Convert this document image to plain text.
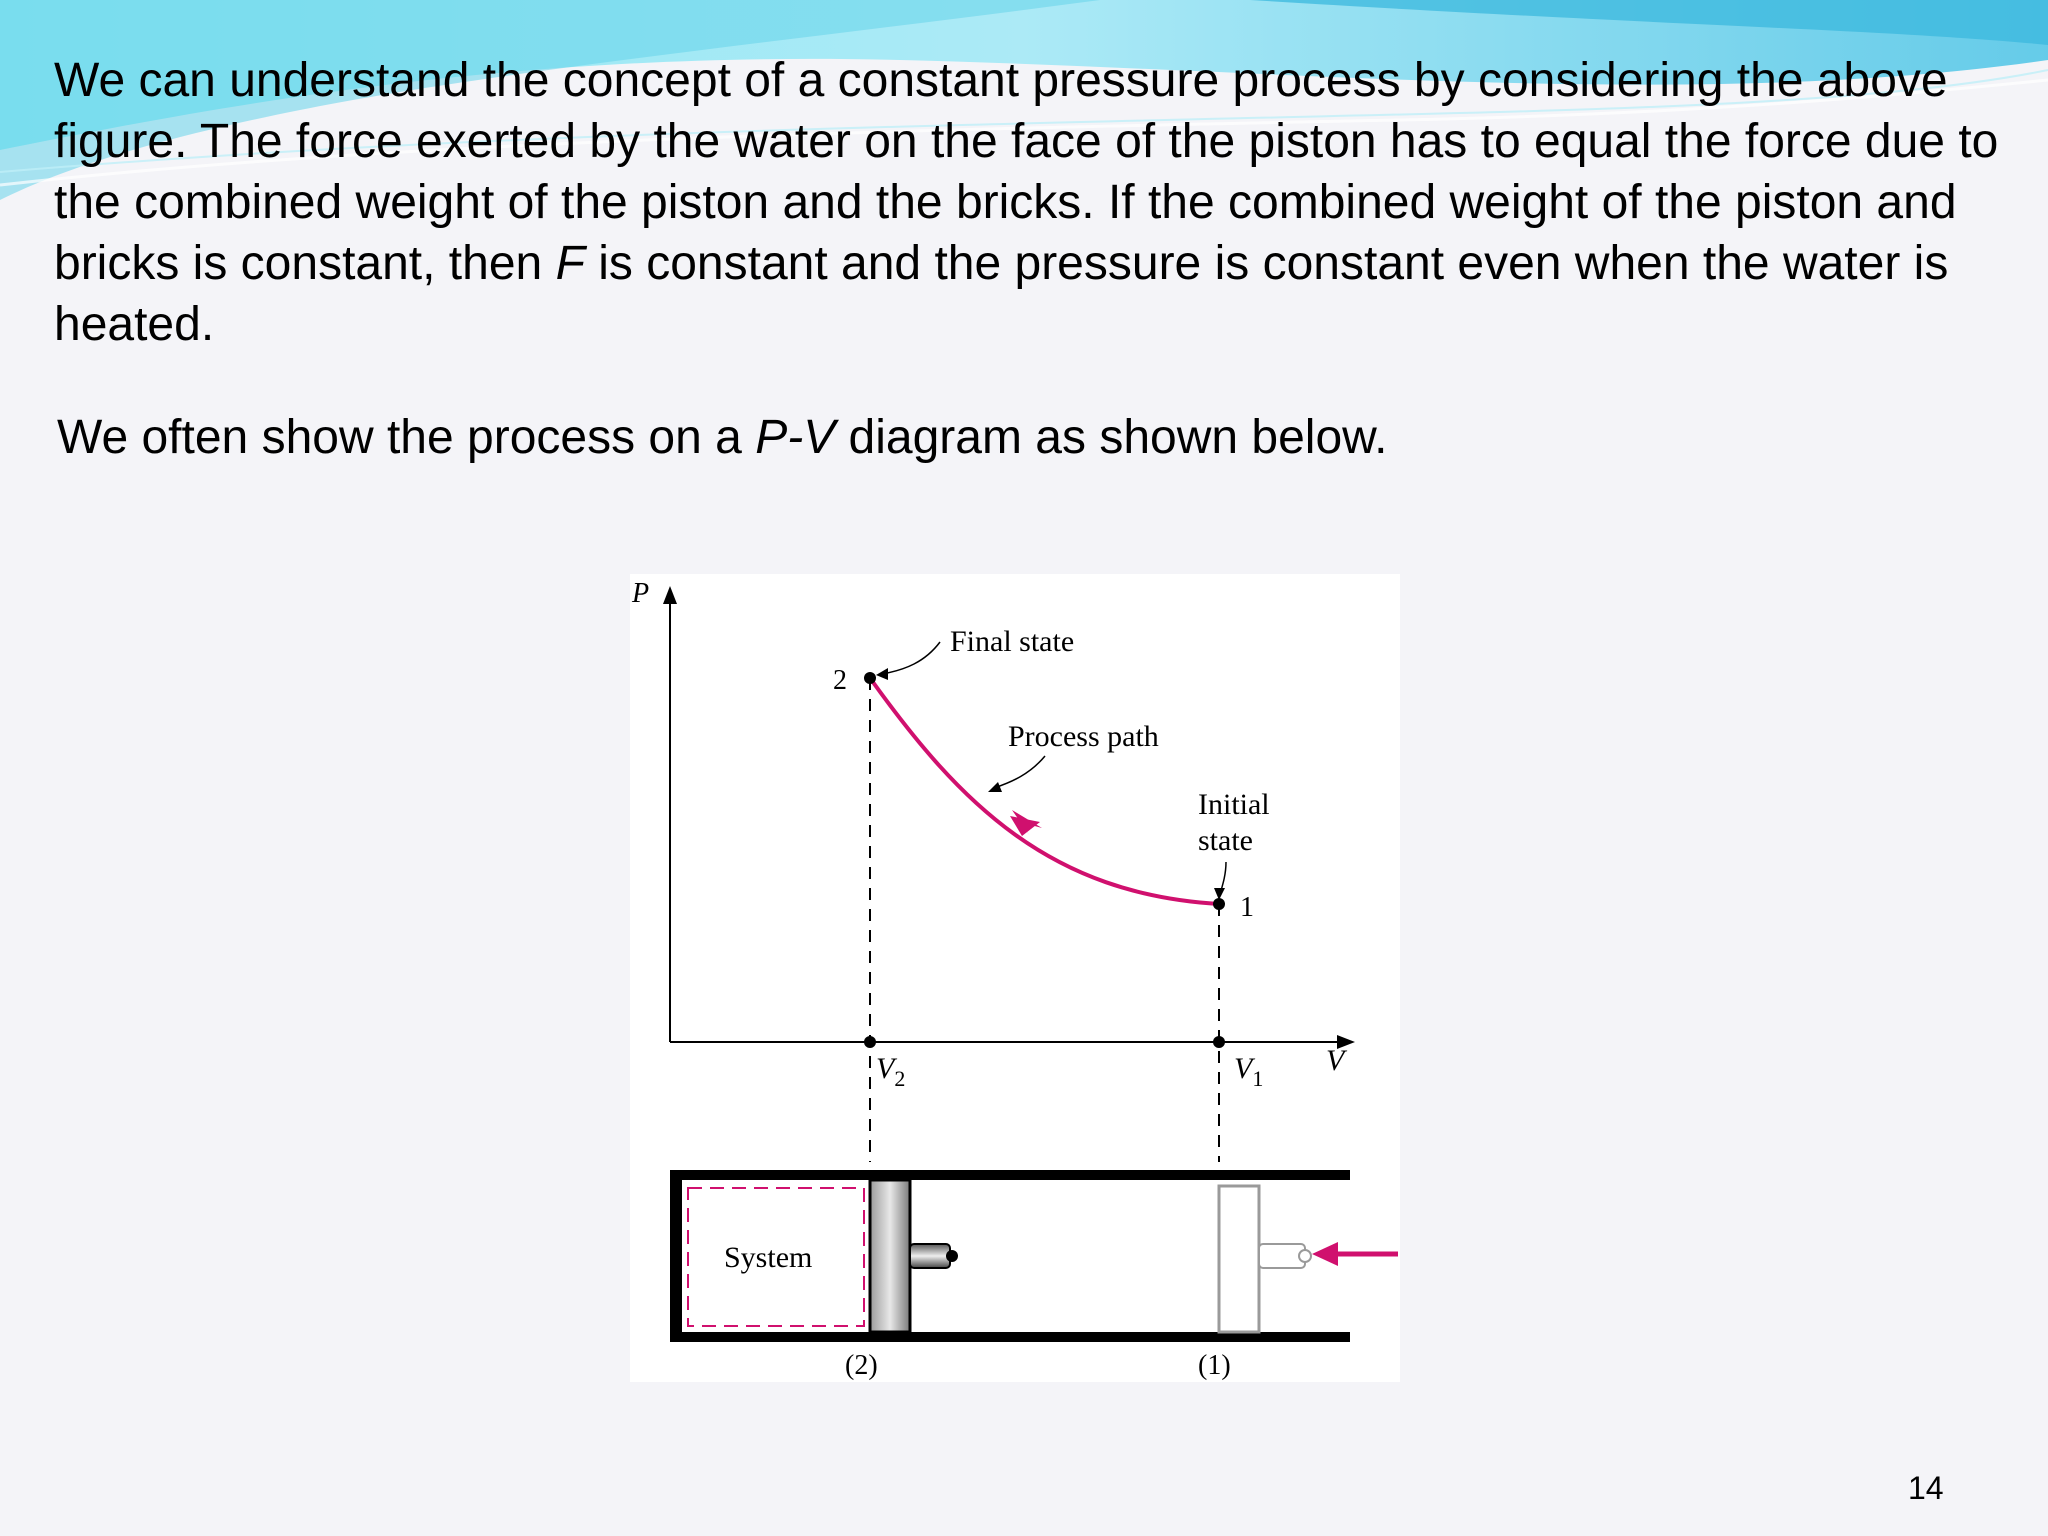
We can understand the concept of a constant pressure process by considering the above figure. The force exerted by the water on the face of the piston has to equal the force due to the combined weight of the piston and the bricks. If the combined weight of the piston and bricks is constant, then F is constant and the pressure is constant even when the water is heated.

We often show the process on a P-V diagram as shown below.

P
V
2
1
Final state
Process path
Initial
state
$V_2$	$V_1$
System
(2)	(1)
14
